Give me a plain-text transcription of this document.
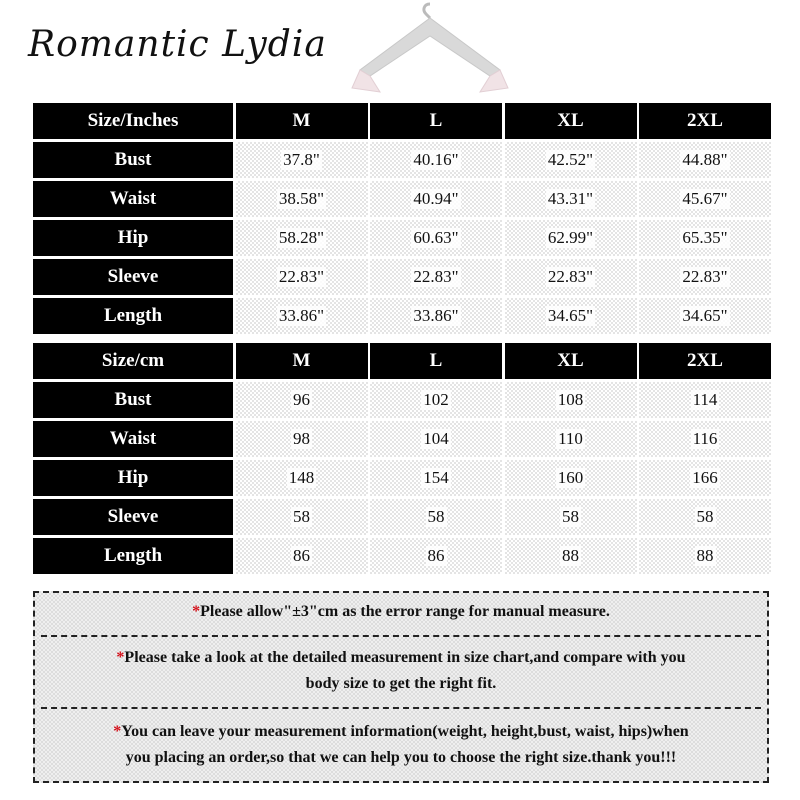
Romantic Lydia
Size/Inches	M	L	XL	2XL
Bust	37.8"	40.16"	42.52"	44.88"
Waist	38.58"	40.94"	43.31"	45.67"
Hip	58.28"	60.63"	62.99"	65.35"
Sleeve	22.83"	22.83"	22.83"	22.83"
Length	33.86"	33.86"	34.65"	34.65"
Size/cm	M	L	XL	2XL
Bust	96	102	108	114
Waist	98	104	110	116
Hip	148	154	160	166
Sleeve	58	58	58	58
Length	86	86	88	88
*Please allow"±3"cm as the error range for manual measure.
*Please take a look at the detailed measurement in size chart,and compare with you
body size to get the right fit.
*You can leave your measurement information(weight, height,bust, waist, hips)when
you placing an order,so that we can help you to choose the right size.thank you!!!
